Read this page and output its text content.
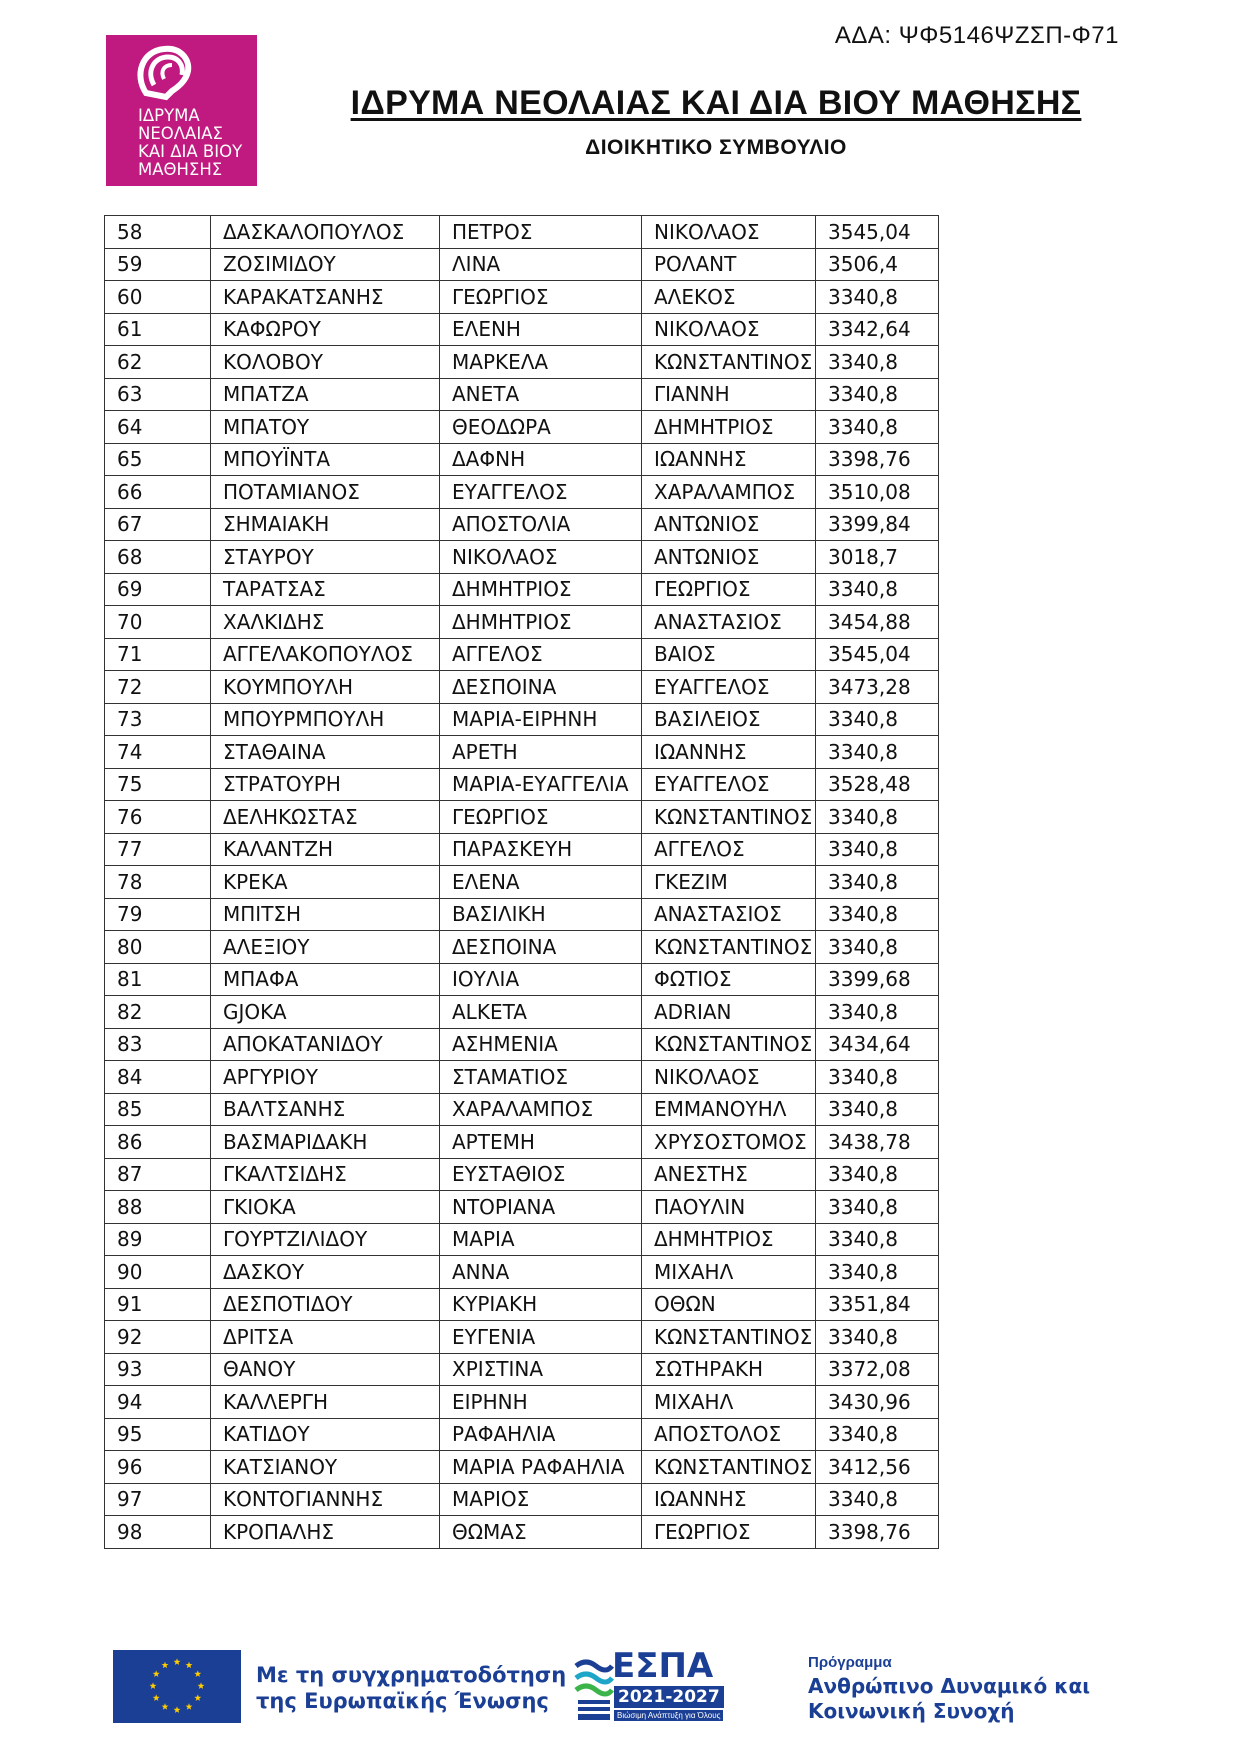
ΑΔΑ: ΨΦ5146ΨΖΣΠ-Φ71
ΙΔΡΥΜΑ
ΝΕΟΛΑΙΑΣ
ΚΑΙ ΔΙΑ ΒΙΟΥ
ΜΑΘΗΣΗΣ
ΙΔΡΥΜΑ ΝΕΟΛΑΙΑΣ ΚΑΙ ΔΙΑ ΒΙΟΥ ΜΑΘΗΣΗΣ
ΔΙΟΙΚΗΤΙΚΟ ΣΥΜΒΟΥΛΙΟ
58	ΔΑΣΚΑΛΟΠΟΥΛΟΣ	ΠΕΤΡΟΣ	ΝΙΚΟΛΑΟΣ	3545,04
59	ΖΟΣΙΜΙΔΟΥ	ΛΙΝΑ	ΡΟΛΑΝΤ	3506,4
60	ΚΑΡΑΚΑΤΣΑΝΗΣ	ΓΕΩΡΓΙΟΣ	ΑΛΕΚΟΣ	3340,8
61	ΚΑΦΩΡΟΥ	ΕΛΕΝΗ	ΝΙΚΟΛΑΟΣ	3342,64
62	ΚΟΛΟΒΟΥ	ΜΑΡΚΕΛΑ	ΚΩΝΣΤΑΝΤΙΝΟΣ	3340,8
63	ΜΠΑΤΖΑ	ΑΝΕΤΑ	ΓΙΑΝΝΗ	3340,8
64	ΜΠΑΤΟΥ	ΘΕΟΔΩΡΑ	ΔΗΜΗΤΡΙΟΣ	3340,8
65	ΜΠΟΥΪΝΤΑ	ΔΑΦΝΗ	ΙΩΑΝΝΗΣ	3398,76
66	ΠΟΤΑΜΙΑΝΟΣ	ΕΥΑΓΓΕΛΟΣ	ΧΑΡΑΛΑΜΠΟΣ	3510,08
67	ΣΗΜΑΙΑΚΗ	ΑΠΟΣΤΟΛΙΑ	ΑΝΤΩΝΙΟΣ	3399,84
68	ΣΤΑΥΡΟΥ	ΝΙΚΟΛΑΟΣ	ΑΝΤΩΝΙΟΣ	3018,7
69	ΤΑΡΑΤΣΑΣ	ΔΗΜΗΤΡΙΟΣ	ΓΕΩΡΓΙΟΣ	3340,8
70	ΧΑΛΚΙΔΗΣ	ΔΗΜΗΤΡΙΟΣ	ΑΝΑΣΤΑΣΙΟΣ	3454,88
71	ΑΓΓΕΛΑΚΟΠΟΥΛΟΣ	ΑΓΓΕΛΟΣ	ΒΑΙΟΣ	3545,04
72	ΚΟΥΜΠΟΥΛΗ	ΔΕΣΠΟΙΝΑ	ΕΥΑΓΓΕΛΟΣ	3473,28
73	ΜΠΟΥΡΜΠΟΥΛΗ	ΜΑΡΙΑ-ΕΙΡΗΝΗ	ΒΑΣΙΛΕΙΟΣ	3340,8
74	ΣΤΑΘΑΙΝΑ	ΑΡΕΤΗ	ΙΩΑΝΝΗΣ	3340,8
75	ΣΤΡΑΤΟΥΡΗ	ΜΑΡΙΑ-ΕΥΑΓΓΕΛΙΑ	ΕΥΑΓΓΕΛΟΣ	3528,48
76	ΔΕΛΗΚΩΣΤΑΣ	ΓΕΩΡΓΙΟΣ	ΚΩΝΣΤΑΝΤΙΝΟΣ	3340,8
77	ΚΑΛΑΝΤΖΗ	ΠΑΡΑΣΚΕΥΗ	ΑΓΓΕΛΟΣ	3340,8
78	ΚΡΕΚΑ	ΕΛΕΝΑ	ΓΚΕΖΙΜ	3340,8
79	ΜΠΙΤΣΗ	ΒΑΣΙΛΙΚΗ	ΑΝΑΣΤΑΣΙΟΣ	3340,8
80	ΑΛΕΞΙΟΥ	ΔΕΣΠΟΙΝΑ	ΚΩΝΣΤΑΝΤΙΝΟΣ	3340,8
81	ΜΠΑΦΑ	ΙΟΥΛΙΑ	ΦΩΤΙΟΣ	3399,68
82	GJOKA	ALKETA	ADRIAN	3340,8
83	ΑΠΟΚΑΤΑΝΙΔΟΥ	ΑΣΗΜΕΝΙΑ	ΚΩΝΣΤΑΝΤΙΝΟΣ	3434,64
84	ΑΡΓΥΡΙΟΥ	ΣΤΑΜΑΤΙΟΣ	ΝΙΚΟΛΑΟΣ	3340,8
85	ΒΑΛΤΣΑΝΗΣ	ΧΑΡΑΛΑΜΠΟΣ	ΕΜΜΑΝΟΥΗΛ	3340,8
86	ΒΑΣΜΑΡΙΔΑΚΗ	ΑΡΤΕΜΗ	ΧΡΥΣΟΣΤΟΜΟΣ	3438,78
87	ΓΚΑΛΤΣΙΔΗΣ	ΕΥΣΤΑΘΙΟΣ	ΑΝΕΣΤΗΣ	3340,8
88	ΓΚΙΟΚΑ	ΝΤΟΡΙΑΝΑ	ΠΑΟΥΛΙΝ	3340,8
89	ΓΟΥΡΤΖΙΛΙΔΟΥ	ΜΑΡΙΑ	ΔΗΜΗΤΡΙΟΣ	3340,8
90	ΔΑΣΚΟΥ	ΑΝΝΑ	ΜΙΧΑΗΛ	3340,8
91	ΔΕΣΠΟΤΙΔΟΥ	ΚΥΡΙΑΚΗ	ΟΘΩΝ	3351,84
92	ΔΡΙΤΣΑ	ΕΥΓΕΝΙΑ	ΚΩΝΣΤΑΝΤΙΝΟΣ	3340,8
93	ΘΑΝΟΥ	ΧΡΙΣΤΙΝΑ	ΣΩΤΗΡΑΚΗ	3372,08
94	ΚΑΛΛΕΡΓΗ	ΕΙΡΗΝΗ	ΜΙΧΑΗΛ	3430,96
95	ΚΑΤΙΔΟΥ	ΡΑΦΑΗΛΙΑ	ΑΠΟΣΤΟΛΟΣ	3340,8
96	ΚΑΤΣΙΑΝΟΥ	ΜΑΡΙΑ ΡΑΦΑΗΛΙΑ	ΚΩΝΣΤΑΝΤΙΝΟΣ	3412,56
97	ΚΟΝΤΟΓΙΑΝΝΗΣ	ΜΑΡΙΟΣ	ΙΩΑΝΝΗΣ	3340,8
98	ΚΡΟΠΑΛΗΣ	ΘΩΜΑΣ	ΓΕΩΡΓΙΟΣ	3398,76
Με τη συγχρηματοδότηση
της Ευρωπαϊκής Ένωσης
ΕΣΠΑ
2021-2027
Βιώσιμη Ανάπτυξη για Όλους
Πρόγραμμα
Ανθρώπινο Δυναμικό και
Κοινωνική Συνοχή
